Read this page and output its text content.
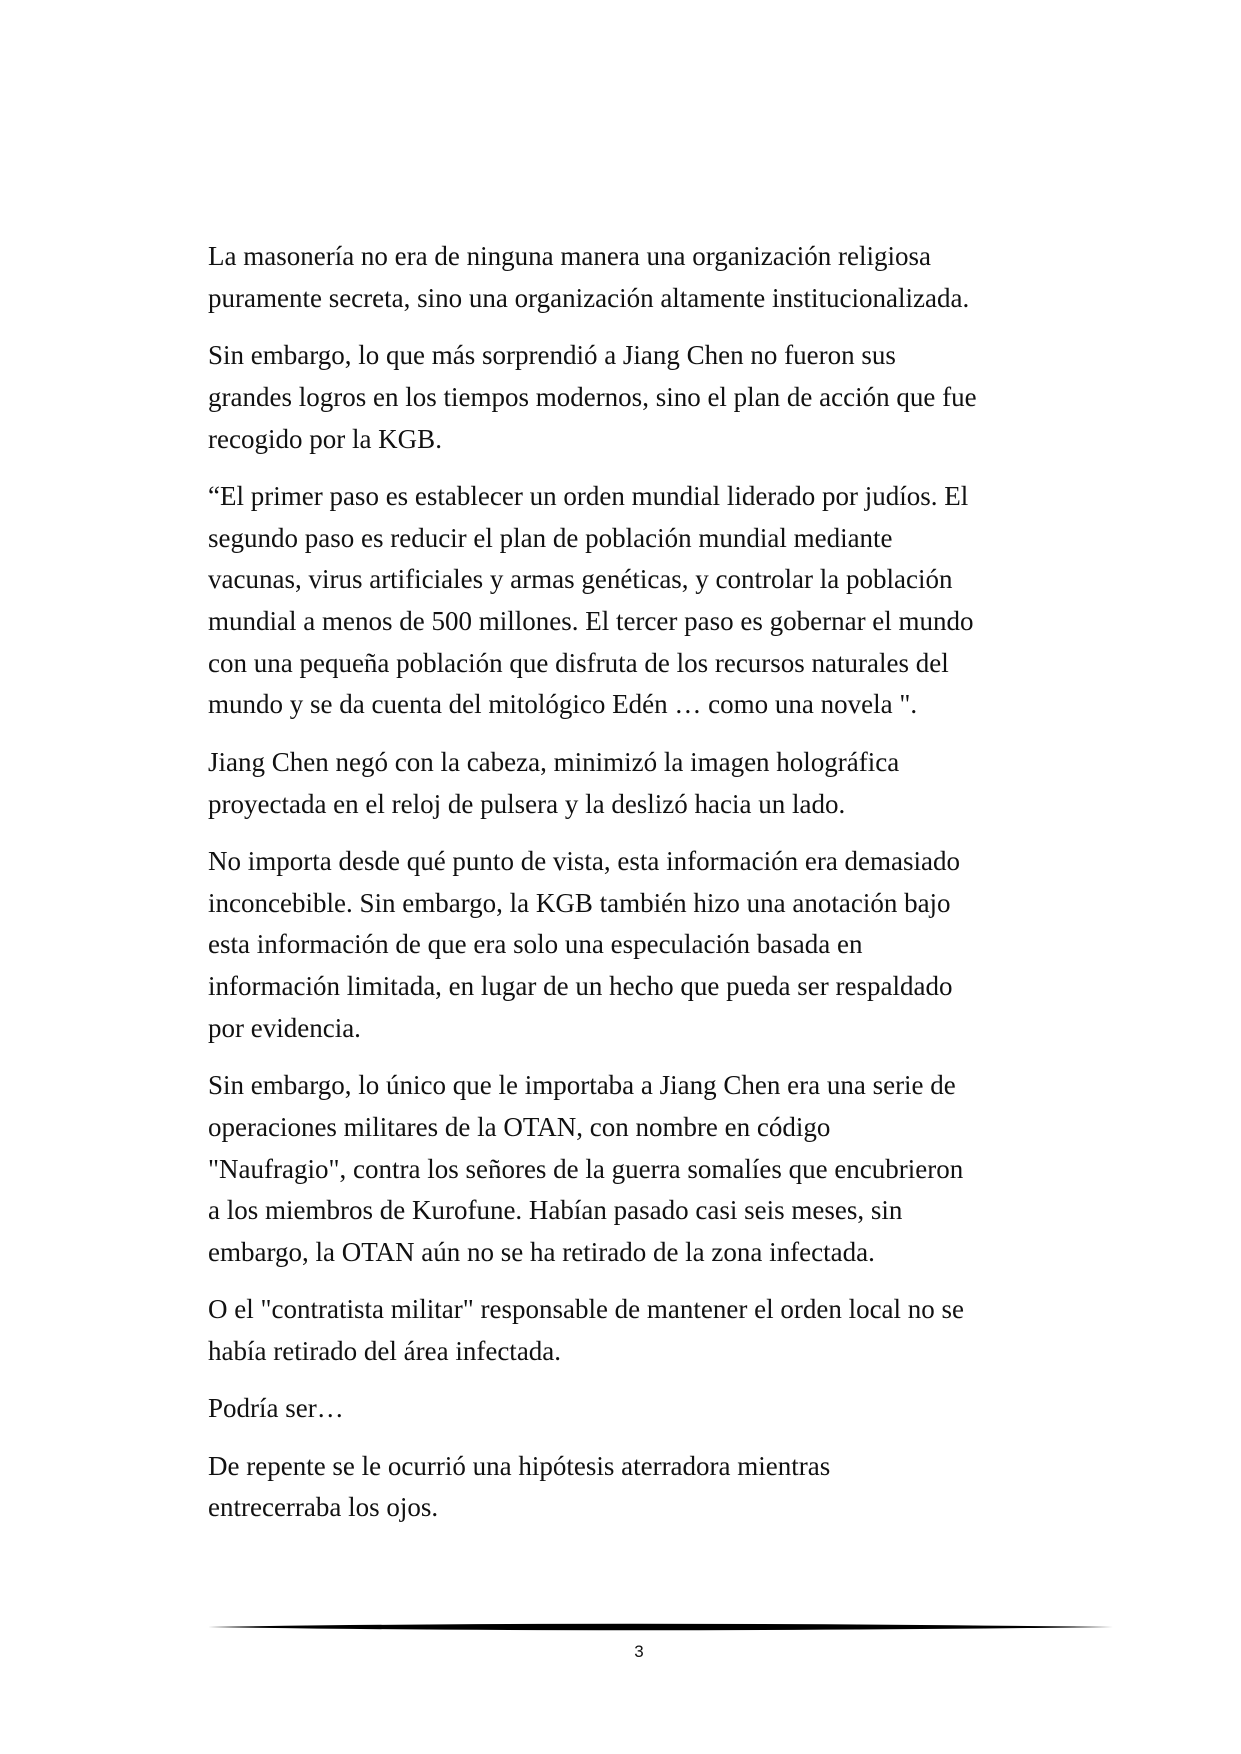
La masonería no era de ninguna manera una organización religiosa
puramente secreta, sino una organización altamente institucionalizada.

Sin embargo, lo que más sorprendió a Jiang Chen no fueron sus
grandes logros en los tiempos modernos, sino el plan de acción que fue
recogido por la KGB.

“El primer paso es establecer un orden mundial liderado por judíos. El
segundo paso es reducir el plan de población mundial mediante
vacunas, virus artificiales y armas genéticas, y controlar la población
mundial a menos de 500 millones. El tercer paso es gobernar el mundo
con una pequeña población que disfruta de los recursos naturales del
mundo y se da cuenta del mitológico Edén … como una novela ".

Jiang Chen negó con la cabeza, minimizó la imagen holográfica
proyectada en el reloj de pulsera y la deslizó hacia un lado.

No importa desde qué punto de vista, esta información era demasiado
inconcebible. Sin embargo, la KGB también hizo una anotación bajo
esta información de que era solo una especulación basada en
información limitada, en lugar de un hecho que pueda ser respaldado
por evidencia.

Sin embargo, lo único que le importaba a Jiang Chen era una serie de
operaciones militares de la OTAN, con nombre en código
"Naufragio", contra los señores de la guerra somalíes que encubrieron
a los miembros de Kurofune. Habían pasado casi seis meses, sin
embargo, la OTAN aún no se ha retirado de la zona infectada.

O el "contratista militar" responsable de mantener el orden local no se
había retirado del área infectada.

Podría ser…

De repente se le ocurrió una hipótesis aterradora mientras
entrecerraba los ojos.

3
